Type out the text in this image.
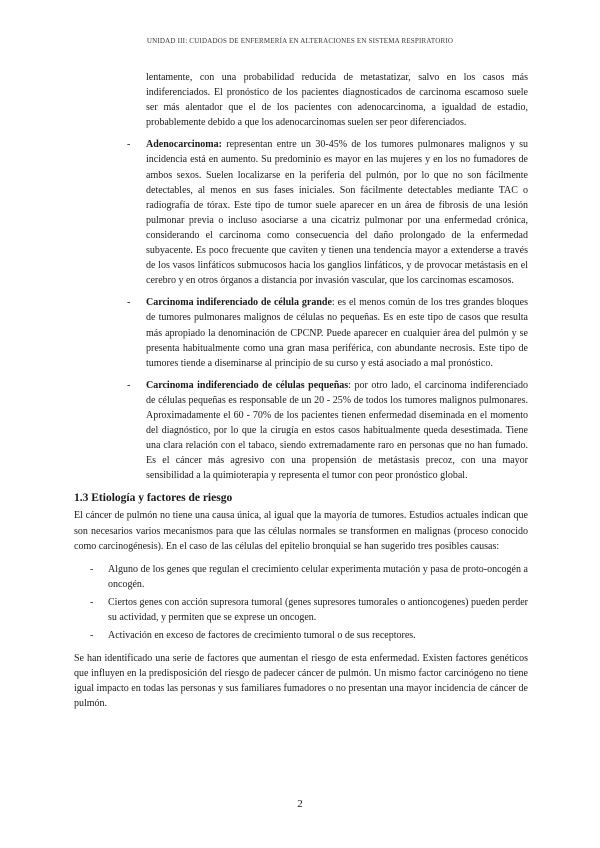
UNIDAD III: CUIDADOS DE ENFERMERÍA EN ALTERACIONES EN SISTEMA RESPIRATORIO

lentamente, con una probabilidad reducida de metastatizar, salvo en los casos más indiferenciados. El pronóstico de los pacientes diagnosticados de carcinoma escamoso suele ser más alentador que el de los pacientes con adenocarcinoma, a igualdad de estadio, probablemente debido a que los adenocarcinomas suelen ser peor diferenciados.

- Adenocarcinoma: representan entre un 30-45% de los tumores pulmonares malignos y su incidencia está en aumento. Su predominio es mayor en las mujeres y en los no fumadores de ambos sexos. Suelen localizarse en la periferia del pulmón, por lo que no son fácilmente detectables, al menos en sus fases iniciales. Son fácilmente detectables mediante TAC o radiografía de tórax. Este tipo de tumor suele aparecer en un área de fibrosis de una lesión pulmonar previa o incluso asociarse a una cicatriz pulmonar por una enfermedad crónica, considerando el carcinoma como consecuencia del daño prolongado de la enfermedad subyacente. Es poco frecuente que caviten y tienen una tendencia mayor a extenderse a través de los vasos linfáticos submucosos hacia los ganglios linfáticos, y de provocar metástasis en el cerebro y en otros órganos a distancia por invasión vascular, que los carcinomas escamosos.
- Carcinoma indiferenciado de célula grande: es el menos común de los tres grandes bloques de tumores pulmonares malignos de células no pequeñas. Es en este tipo de casos que resulta más apropiado la denominación de CPCNP. Puede aparecer en cualquier área del pulmón y se presenta habitualmente como una gran masa periférica, con abundante necrosis. Este tipo de tumores tiende a diseminarse al principio de su curso y está asociado a mal pronóstico.
- Carcinoma indiferenciado de células pequeñas: por otro lado, el carcinoma indiferenciado de células pequeñas es responsable de un 20 - 25% de todos los tumores malignos pulmonares. Aproximadamente el 60 - 70% de los pacientes tienen enfermedad diseminada en el momento del diagnóstico, por lo que la cirugía en estos casos habitualmente queda desestimada. Tiene una clara relación con el tabaco, siendo extremadamente raro en personas que no han fumado. Es el cáncer más agresivo con una propensión de metástasis precoz, con una mayor sensibilidad a la quimioterapia y representa el tumor con peor pronóstico global.
1.3 Etiología y factores de riesgo

El cáncer de pulmón no tiene una causa única, al igual que la mayoría de tumores. Estudios actuales indican que son necesarios varios mecanismos para que las células normales se transformen en malignas (proceso conocido como carcinogénesis). En el caso de las células del epitelio bronquial se han sugerido tres posibles causas:

- Alguno de los genes que regulan el crecimiento celular experimenta mutación y pasa de proto-oncogén a oncogén.
- Ciertos genes con acción supresora tumoral (genes supresores tumorales o antioncogenes) pueden perder su actividad, y permiten que se exprese un oncogen.
- Activación en exceso de factores de crecimiento tumoral o de sus receptores.

Se han identificado una serie de factores que aumentan el riesgo de esta enfermedad. Existen factores genéticos que influyen en la predisposición del riesgo de padecer cáncer de pulmón. Un mismo factor carcinógeno no tiene igual impacto en todas las personas y sus familiares fumadores o no presentan una mayor incidencia de cáncer de pulmón.

2
